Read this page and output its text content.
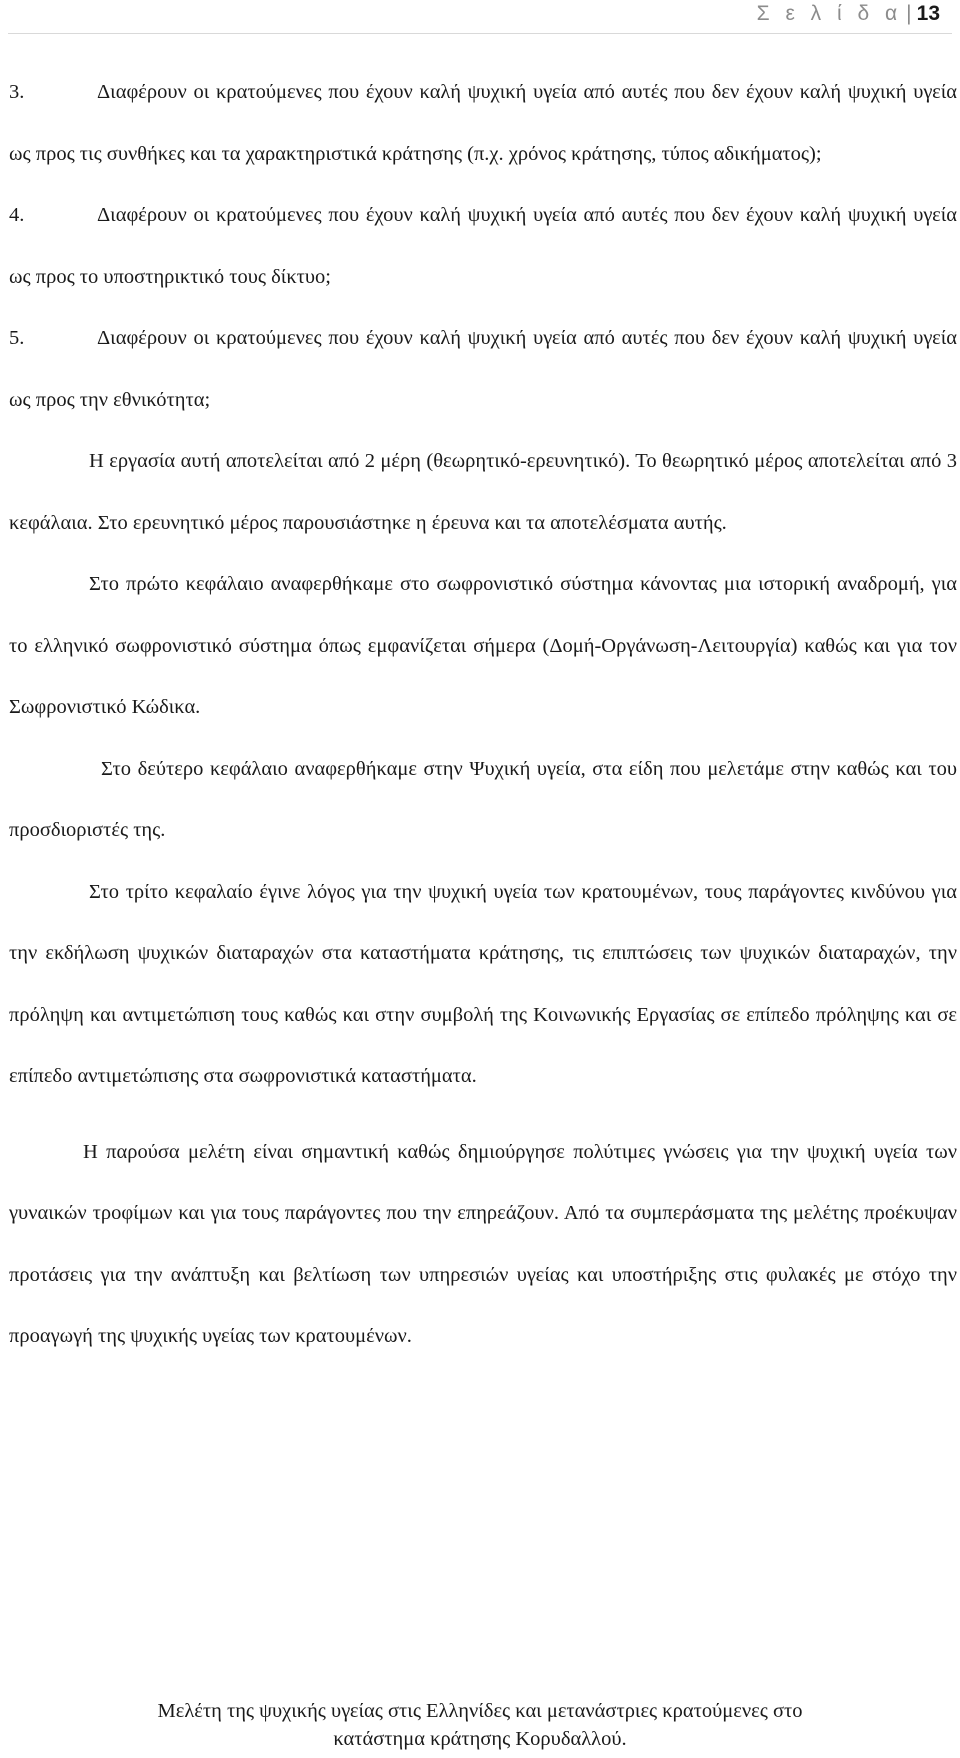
Σ ε λ ί δ α | 13

3.	Διαφέρουν οι κρατούμενες που έχουν καλή ψυχική υγεία από αυτές που δεν έχουν καλή ψυχική υγεία ως προς τις συνθήκες και τα χαρακτηριστικά κράτησης (π.χ. χρόνος κράτησης, τύπος αδικήματος);

4.	Διαφέρουν οι κρατούμενες που έχουν καλή ψυχική υγεία από αυτές που δεν έχουν καλή ψυχική υγεία ως προς το υποστηρικτικό τους δίκτυο;

5.	Διαφέρουν οι κρατούμενες που έχουν καλή ψυχική υγεία από αυτές που δεν έχουν καλή ψυχική υγεία ως προς την εθνικότητα;

Η εργασία αυτή αποτελείται από 2 μέρη (θεωρητικό-ερευνητικό). Το θεωρητικό μέρος αποτελείται από 3 κεφάλαια. Στο ερευνητικό μέρος παρουσιάστηκε η έρευνα και τα αποτελέσματα αυτής.

Στο πρώτο κεφάλαιο αναφερθήκαμε στο σωφρονιστικό σύστημα κάνοντας μια ιστορική αναδρομή, για το ελληνικό σωφρονιστικό σύστημα όπως εμφανίζεται σήμερα (Δομή-Οργάνωση-Λειτουργία) καθώς και για τον Σωφρονιστικό Κώδικα.

Στο δεύτερο κεφάλαιο αναφερθήκαμε στην Ψυχική υγεία, στα είδη που μελετάμε στην καθώς και του προσδιοριστές της.

Στο τρίτο κεφαλαίο έγινε λόγος για την ψυχική υγεία των κρατουμένων, τους παράγοντες κινδύνου για την εκδήλωση ψυχικών διαταραχών στα καταστήματα κράτησης, τις επιπτώσεις των ψυχικών διαταραχών, την πρόληψη και αντιμετώπιση τους καθώς και στην συμβολή της Κοινωνικής Εργασίας σε επίπεδο πρόληψης και σε επίπεδο αντιμετώπισης στα σωφρονιστικά καταστήματα.

Η παρούσα μελέτη είναι σημαντική καθώς δημιούργησε πολύτιμες γνώσεις για την ψυχική υγεία των γυναικών τροφίμων και για τους παράγοντες που την επηρεάζουν. Από τα συμπεράσματα της μελέτης προέκυψαν προτάσεις για την ανάπτυξη και βελτίωση των υπηρεσιών υγείας και υποστήριξης στις φυλακές με στόχο την προαγωγή της ψυχικής υγείας των κρατουμένων.

Μελέτη της ψυχικής υγείας στις Ελληνίδες και μετανάστριες κρατούμενες στο
κατάστημα κράτησης Κορυδαλλού.
